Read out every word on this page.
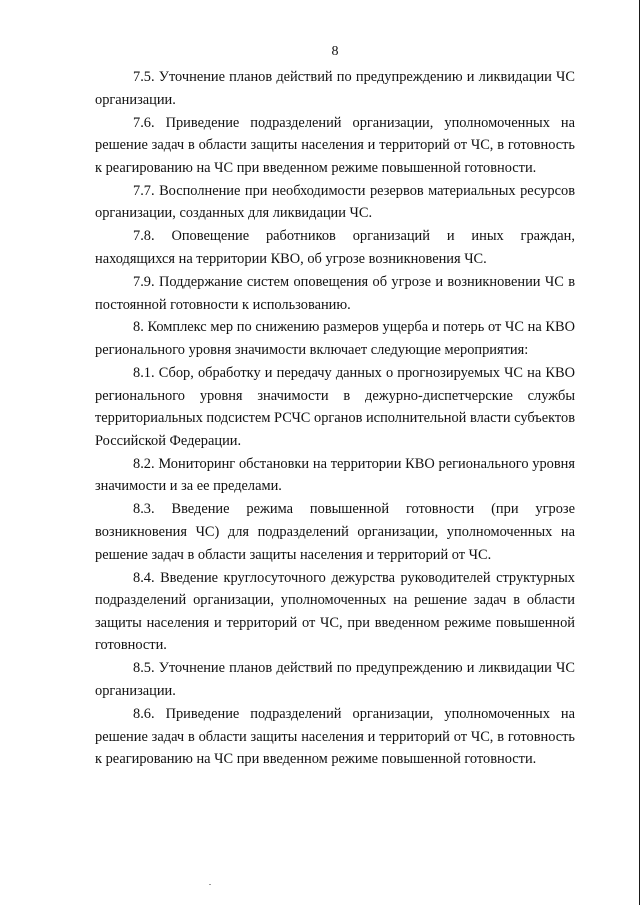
8

7.5. Уточнение планов действий по предупреждению и ликвидации ЧС организации.

7.6. Приведение подразделений организации, уполномоченных на решение задач в области защиты населения и территорий от ЧС, в готовность к реагированию на ЧС при введенном режиме повышенной готовности.

7.7. Восполнение при необходимости резервов материальных ресурсов организации, созданных для ликвидации ЧС.

7.8. Оповещение работников организаций и иных граждан, находящихся на территории КВО, об угрозе возникновения ЧС.

7.9. Поддержание систем оповещения об угрозе и возникновении ЧС в постоянной готовности к использованию.

8. Комплекс мер по снижению размеров ущерба и потерь от ЧС на КВО регионального уровня значимости включает следующие мероприятия:

8.1. Сбор, обработку и передачу данных о прогнозируемых ЧС на КВО регионального уровня значимости в дежурно-диспетчерские службы территориальных подсистем РСЧС органов исполнительной власти субъектов Российской Федерации.

8.2. Мониторинг обстановки на территории КВО регионального уровня значимости и за ее пределами.

8.3. Введение режима повышенной готовности (при угрозе возникновения ЧС) для подразделений организации, уполномоченных на решение задач в области защиты населения и территорий от ЧС.

8.4. Введение круглосуточного дежурства руководителей структурных подразделений организации, уполномоченных на решение задач в области защиты населения и территорий от ЧС, при введенном режиме повышенной готовности.

8.5. Уточнение планов действий по предупреждению и ликвидации ЧС организации.

8.6. Приведение подразделений организации, уполномоченных на решение задач в области защиты населения и территорий от ЧС, в готовность к реагированию на ЧС при введенном режиме повышенной готовности.
